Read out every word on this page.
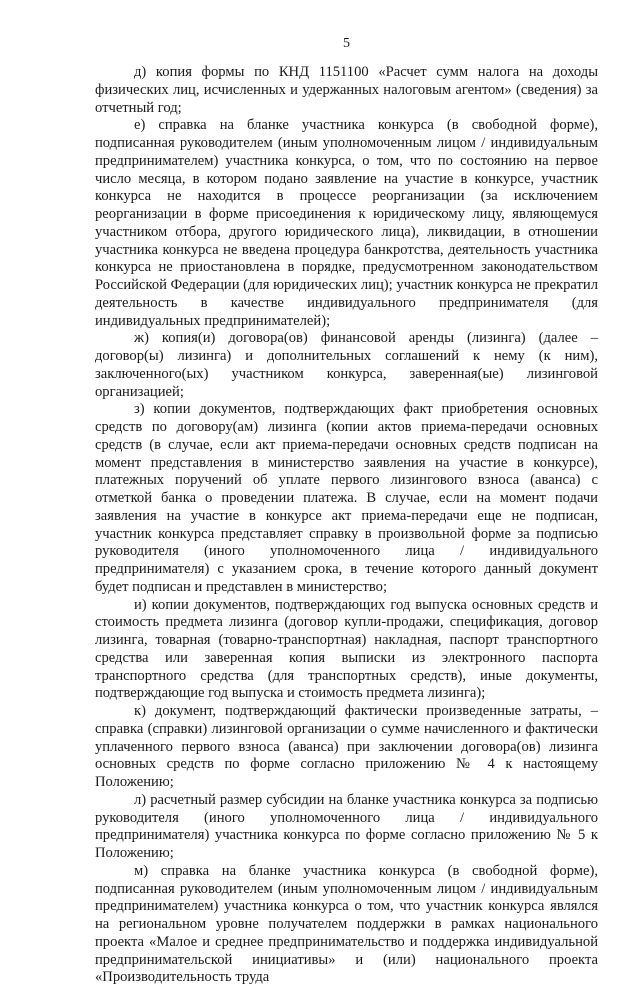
5

д) копия формы по КНД 1151100 «Расчет сумм налога на доходы физических лиц, исчисленных и удержанных налоговым агентом» (сведения) за отчетный год;

е) справка на бланке участника конкурса (в свободной форме), подписанная руководителем (иным уполномоченным лицом / индивидуальным предпринимателем) участника конкурса, о том, что по состоянию на первое число месяца, в котором подано заявление на участие в конкурсе, участник конкурса не находится в процессе реорганизации (за исключением реорганизации в форме присоединения к юридическому лицу, являющемуся участником отбора, другого юридического лица), ликвидации, в отношении участника конкурса не введена процедура банкротства, деятельность участника конкурса не приостановлена в порядке, предусмотренном законодательством Российской Федерации (для юридических лиц); участник конкурса не прекратил деятельность в качестве индивидуального предпринимателя (для индивидуальных предпринимателей);

ж) копия(и) договора(ов) финансовой аренды (лизинга) (далее – договор(ы) лизинга) и дополнительных соглашений к нему (к ним), заключенного(ых) участником конкурса, заверенная(ые) лизинговой организацией;

з) копии документов, подтверждающих факт приобретения основных средств по договору(ам) лизинга (копии актов приема-передачи основных средств (в случае, если акт приема-передачи основных средств подписан на момент представления в министерство заявления на участие в конкурсе), платежных поручений об уплате первого лизингового взноса (аванса) с отметкой банка о проведении платежа. В случае, если на момент подачи заявления на участие в конкурсе акт приема-передачи еще не подписан, участник конкурса представляет справку в произвольной форме за подписью руководителя (иного уполномоченного лица / индивидуального предпринимателя) с указанием срока, в течение которого данный документ будет подписан и представлен в министерство;

и) копии документов, подтверждающих год выпуска основных средств и стоимость предмета лизинга (договор купли-продажи, спецификация, договор лизинга, товарная (товарно-транспортная) накладная, паспорт транспортного средства или заверенная копия выписки из электронного паспорта транспортного средства (для транспортных средств), иные документы, подтверждающие год выпуска и стоимость предмета лизинга);

к) документ, подтверждающий фактически произведенные затраты, – справка (справки) лизинговой организации о сумме начисленного и фактически уплаченного первого взноса (аванса) при заключении договора(ов) лизинга основных средств по форме согласно приложению № 4 к настоящему Положению;

л) расчетный размер субсидии на бланке участника конкурса за подписью руководителя (иного уполномоченного лица / индивидуального предпринимателя) участника конкурса по форме согласно приложению № 5 к Положению;

м) справка на бланке участника конкурса (в свободной форме), подписанная руководителем (иным уполномоченным лицом / индивидуальным предпринимателем) участника конкурса о том, что участник конкурса являлся на региональном уровне получателем поддержки в рамках национального проекта «Малое и среднее предпринимательство и поддержка индивидуальной предпринимательской инициативы» и (или) национального проекта «Производительность труда
